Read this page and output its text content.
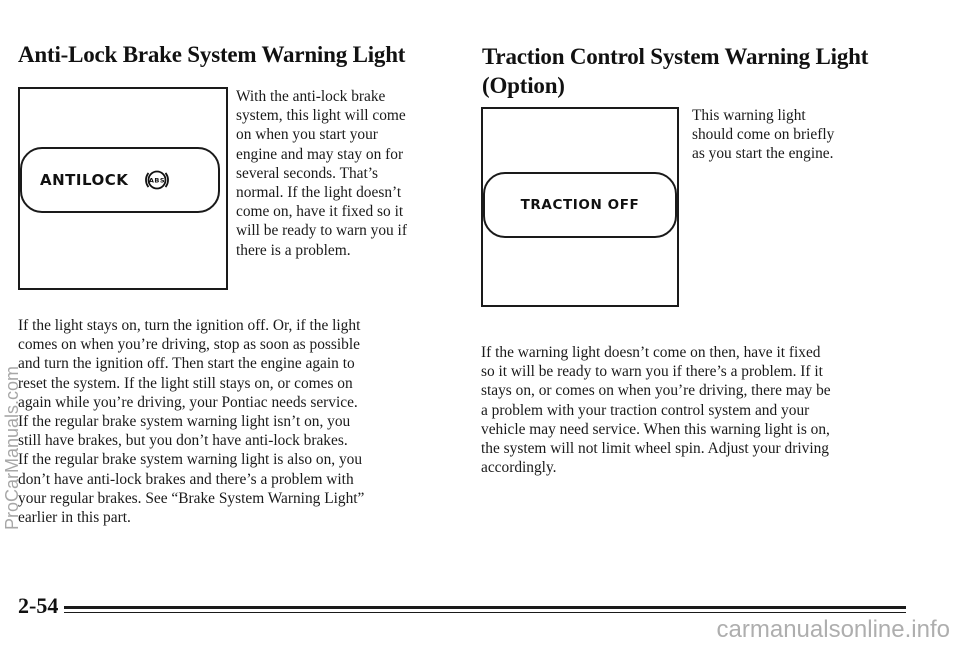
Anti-Lock Brake System Warning Light
ANTILOCK	ABS
With the anti-lock brake
system, this light will come
on when you start your
engine and may stay on for
several seconds. That’s
normal. If the light doesn’t
come on, have it fixed so it
will be ready to warn you if
there is a problem.
If the light stays on, turn the ignition off. Or, if the light
comes on when you’re driving, stop as soon as possible
and turn the ignition off. Then start the engine again to
reset the system. If the light still stays on, or comes on
again while you’re driving, your Pontiac needs service.
If the regular brake system warning light isn’t on, you
still have brakes, but you don’t have anti-lock brakes.
If the regular brake system warning light is also on, you
don’t have anti-lock brakes and there’s a problem with
your regular brakes. See “Brake System Warning Light”
earlier in this part.
Traction Control System Warning Light
(Option)
TRACTION OFF
This warning light
should come on briefly
as you start the engine.
If the warning light doesn’t come on then, have it fixed
so it will be ready to warn you if there’s a problem. If it
stays on, or comes on when you’re driving, there may be
a problem with your traction control system and your
vehicle may need service. When this warning light is on,
the system will not limit wheel spin. Adjust your driving
accordingly.
2-54
ProCarManuals.com
carmanualsonline.info
